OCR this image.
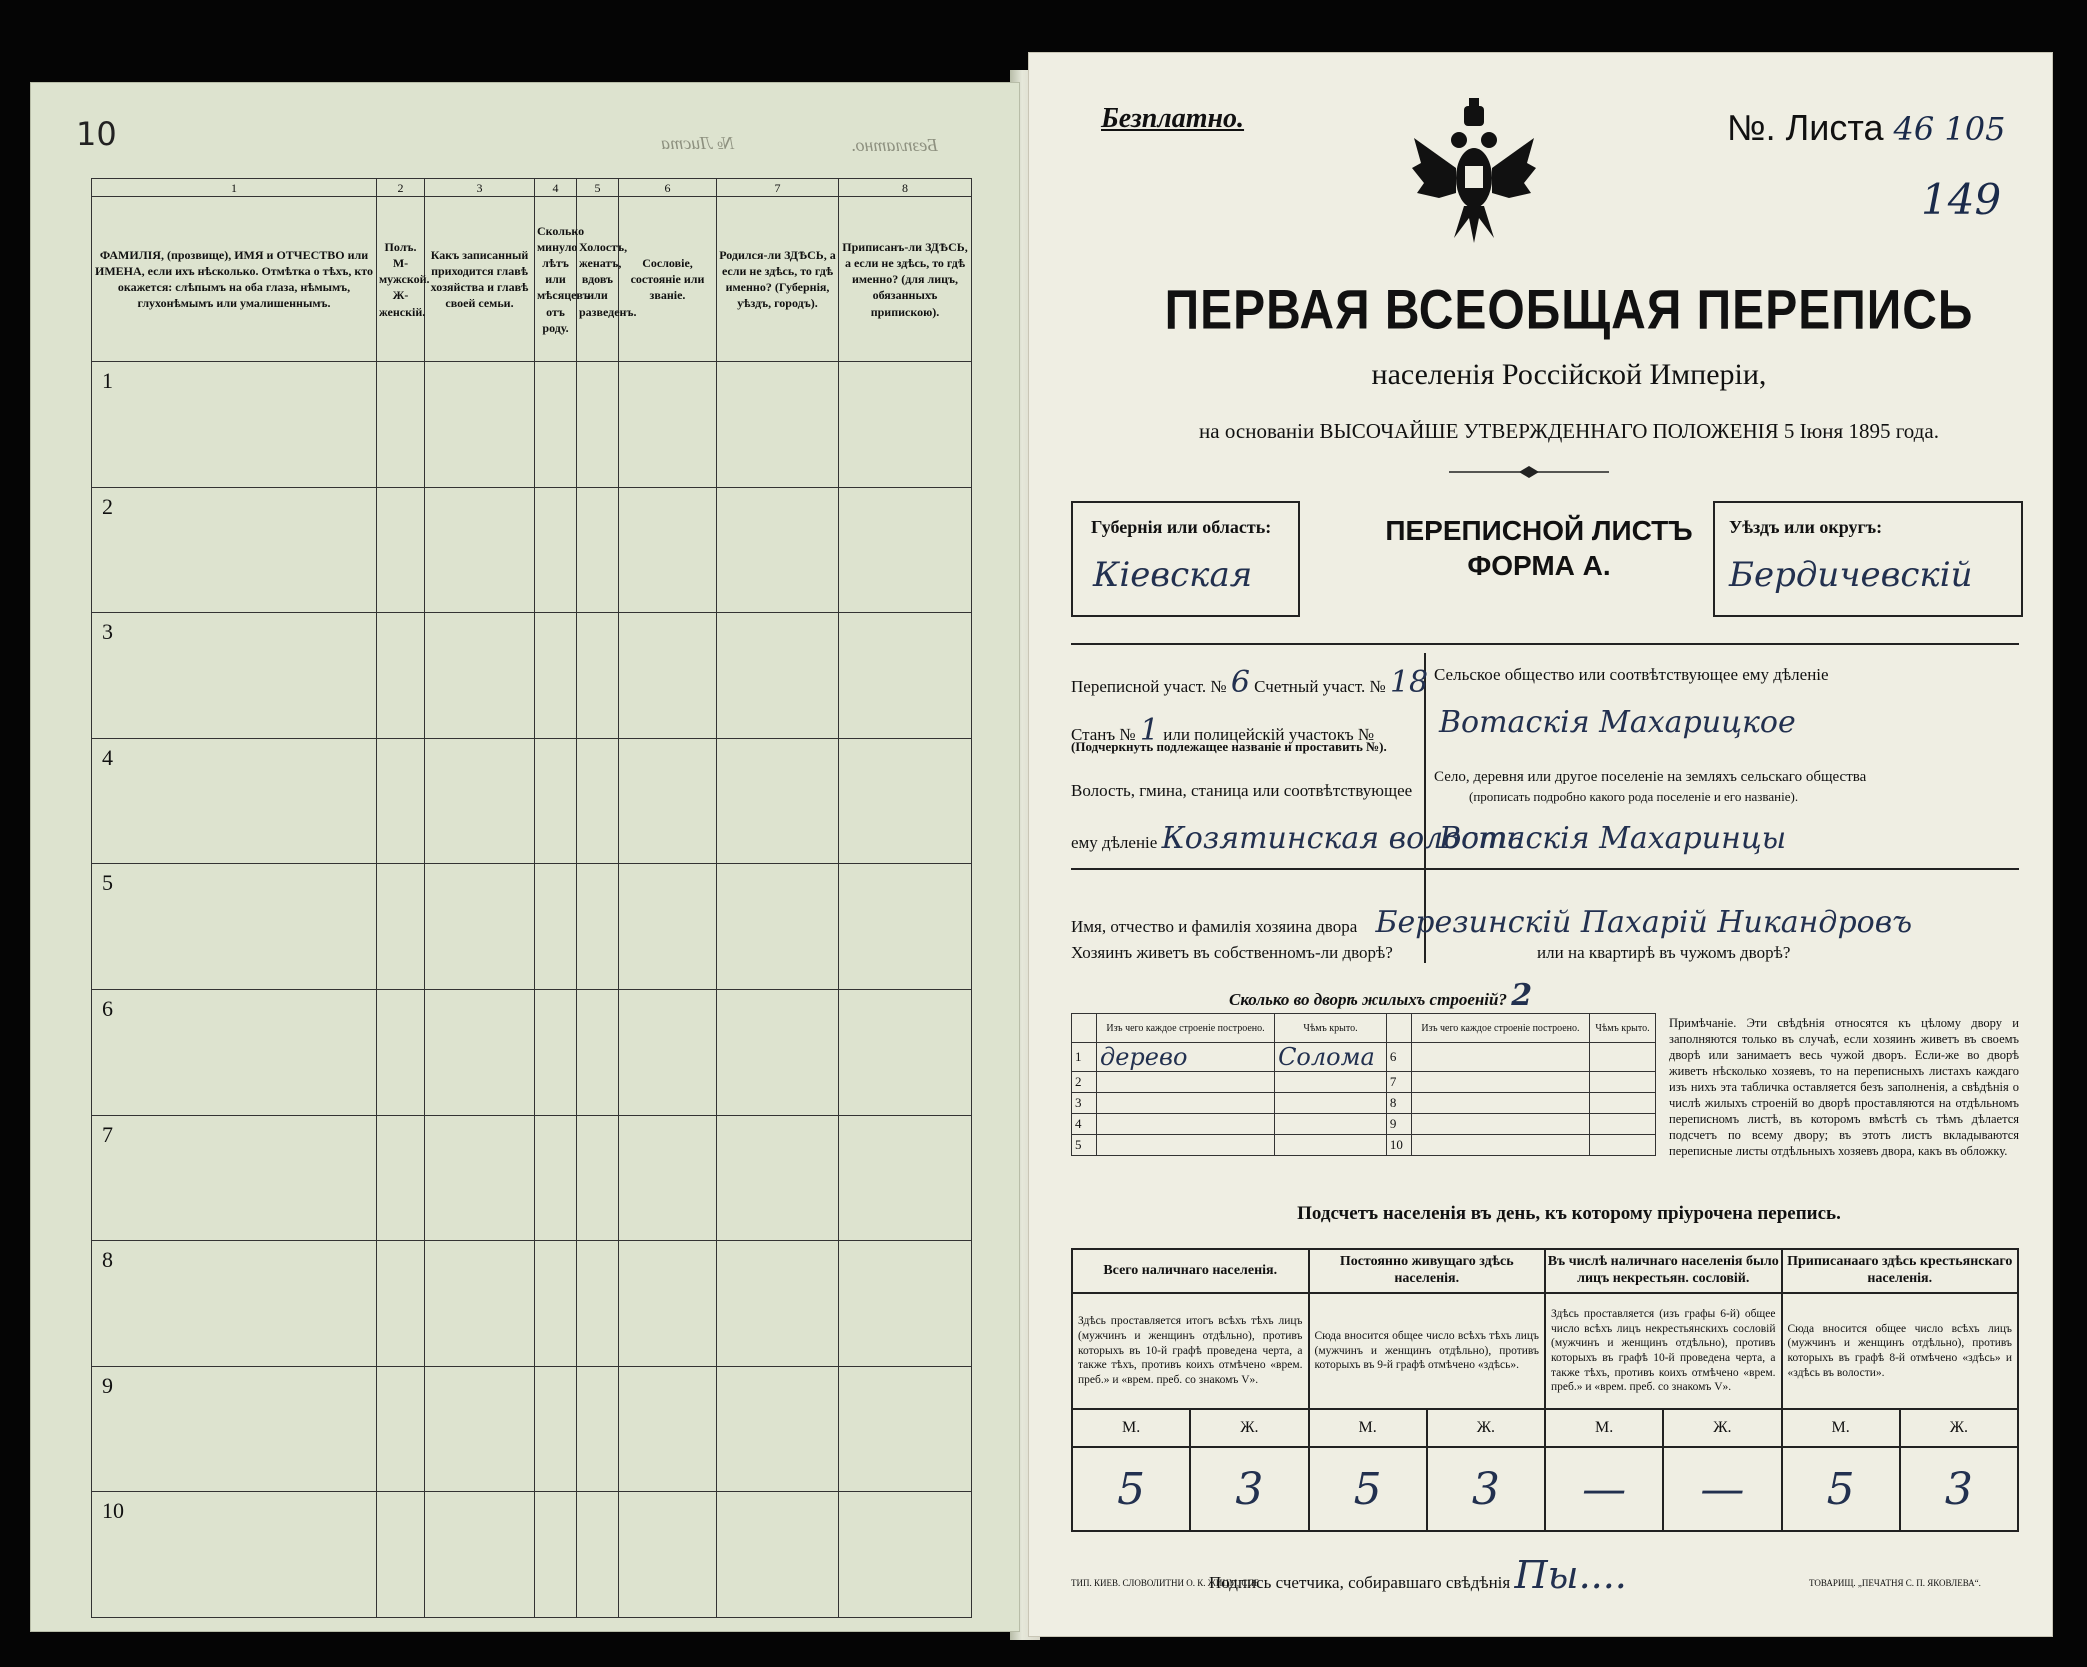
10	№ Листа	Безплатно.
1	2	3	4	5	6	7	8
ФАМИЛІЯ, (прозвище), ИМЯ и ОТЧЕСТВО или ИМЕНА, если ихъ нѣсколько. Отмѣтка о тѣхъ, кто окажется: слѣпымъ на оба глаза, нѣмымъ, глухонѣмымъ или умалишеннымъ.	Полъ. М-мужской. Ж-женскій.	Какъ записанный приходится главѣ хозяйства и главѣ своей семьи.	Сколько минуло лѣтъ или мѣсяцевъ отъ роду.	Холостъ, женатъ, вдовъ или разведенъ.	Сословіе, состояніе или званіе.	Родился-ли ЗДѢСЬ, а если не здѣсь, то гдѣ именно? (Губернія, уѣздъ, городъ).	Приписанъ-ли ЗДѢСЬ, а если не здѣсь, то гдѣ именно? (для лицъ, обязанныхъ припискою).
1							
2							
3							
4							
5							
6							
7							
8							
9							
10							
Безплатно.	№. Листа 46 105
149
ПЕРВАЯ ВСЕОБЩАЯ ПЕРЕПИСЬ
населенія Россійской Имперіи,
на основаніи ВЫСОЧАЙШЕ УТВЕРЖДЕННАГО ПОЛОЖЕНІЯ 5 Іюня 1895 года.
Губернія или область:
Кіевская
ПЕРЕПИСНОЙ ЛИСТЪ
ФОРМА А.
Уѣздъ или округъ:
Бердичевскій
Переписной участ. № 6 Счетный участ. № 18
Станъ № 1 или полицейскій участокъ №
(Подчеркнуть подлежащее названіе и проставить №).
Волость, гмина, станица или соотвѣтствующее
ему дѣленіе Козятинская волость
Сельское общество или соотвѣтствующее ему дѣленіе
Вотаскія Махарицкое
Село, деревня или другое поселеніе на земляхъ сельскаго общества
(прописать подробно какого рода поселеніе и его названіе).
Вотаскія Махаринцы
Имя, отчество и фамилія хозяина двора Березинскій Пахарій Никандровъ
Хозяинъ живетъ въ собственномъ-ли дворѣ?	или на квартирѣ въ чужомъ дворѣ?
Сколько во дворѣ жилыхъ строеній? 2
	Изъ чего каждое строеніе построено.	Чѣмъ крыто.		Изъ чего каждое строеніе построено.	Чѣмъ крыто.
1	дерево	Солома	6		
2			7		
3			8		
4			9		
5			10		
Примѣчаніе. Эти свѣдѣнія относятся къ цѣлому двору и заполняются только въ случаѣ, если хозяинъ живетъ въ своемъ дворѣ или занимаетъ весь чужой дворъ. Если-же во дворѣ живетъ нѣсколько хозяевъ, то на переписныхъ листахъ каждаго изъ нихъ эта табличка оставляется безъ заполненія, а свѣдѣнія о числѣ жилыхъ строеній во дворѣ проставляются на отдѣльномъ переписномъ листѣ, въ которомъ вмѣстѣ съ тѣмъ дѣлается подсчетъ по всему двору; въ этотъ листъ вкладываются переписные листы отдѣльныхъ хозяевъ двора, какъ въ обложку.
Подсчетъ населенія въ день, къ которому пріурочена перепись.
Всего наличнаго населенія.		Постоянно живущаго здѣсь населенія.		Въ числѣ наличнаго населенія было лицъ некрестьян. сословій.		Приписанааго здѣсь крестьянскаго населенія.	
Здѣсь проставляется итогъ всѣхъ тѣхъ лицъ (мужчинъ и женщинъ отдѣльно), противъ которыхъ въ 10-й графѣ проведена черта, а также тѣхъ, противъ коихъ отмѣчено «врем. преб.» и «врем. преб. со знакомъ V».		Сюда вносится общее число всѣхъ тѣхъ лицъ (мужчинъ и женщинъ отдѣльно), противъ которыхъ въ 9-й графѣ отмѣчено «здѣсь».		Здѣсь проставляется (изъ графы 6-й) общее число всѣхъ лицъ некрестьянскихъ сословій (мужчинъ и женщинъ отдѣльно), противъ которыхъ въ графѣ 10-й проведена черта, а также тѣхъ, противъ коихъ отмѣчено «врем. преб.» и «врем. преб. со знакомъ V».		Сюда вносится общее число всѣхъ лицъ (мужчинъ и женщинъ отдѣльно), противъ которыхъ въ графѣ 8-й отмѣчено «здѣсь» и «здѣсь въ волости».	
М.	Ж.	М.	Ж.	М.	Ж.	М.	Ж.
5	3	5	3	—	—	5	3
Подпись счетчика, собиравшаго свѣдѣнія Пы....
ТИП. КИЕВ. СЛОВОЛИТНИ О. К. ЖИЦМ, СПБ	ТОВАРИЩ. „ПЕЧАТНЯ С. П. ЯКОВЛЕВА“.
